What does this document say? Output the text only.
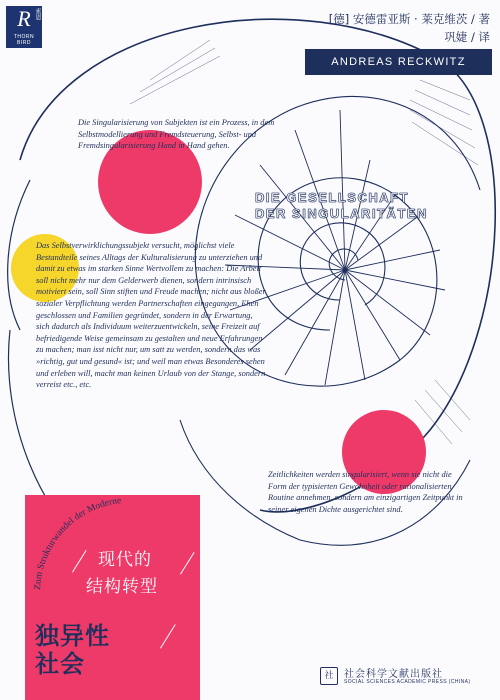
R 索恩
THORN BIRD
[德] 安德雷亚斯 · 莱克维茨 / 著
巩婕 / 译
ANDREAS RECKWITZ
DIE GESELLSCHAFT
DER SINGULARITÄTEN
Die Singularisierung von Subjekten ist ein Prozess, in dem Selbstmodellierung und Fremdsteuerung, Selbst- und Fremdsingularisierung Hand in Hand gehen.
Das Selbstverwirklichungssubjekt versucht, möglichst viele Bestandteile seines Alltags der Kulturalisierung zu unterziehen und damit zu etwas im starken Sinne Wertvollem zu machen: Die Arbeit soll nicht mehr nur dem Gelderwerb dienen, sondern intrinsisch motiviert sein, soll Sinn stiften und Freude machen; nicht aus bloßer sozialer Verpflichtung werden Partnerschaften eingegangen, Ehen geschlossen und Familien gegründet, sondern in der Erwartung, sich dadurch als Individuum weiterzuentwickeln, seine Freizeit auf befriedigende Weise gemeinsam zu gestalten und neue Erfahrungen zu machen; man isst nicht nur, um satt zu werden, sondern das was »richtig, gut und gesund« ist; und weil man etwas Besonderes sehen und erleben will, macht man keinen Urlaub von der Stange, sondern verreist etc., etc.
Zeitlichkeiten werden singularisiert, wenn sie nicht die Form der typisierten Gewohnheit oder rationalisierten Routine annehmen, sondern am einzigartigen Zeitpunkt in seiner eigenen Dichte ausgerichtet sind.
Zum Strukturwandel der Moderne
现代的
结构转型
独异性
社会	社	社会科学文献出版社
SOCIAL SCIENCES ACADEMIC PRESS (CHINA)
